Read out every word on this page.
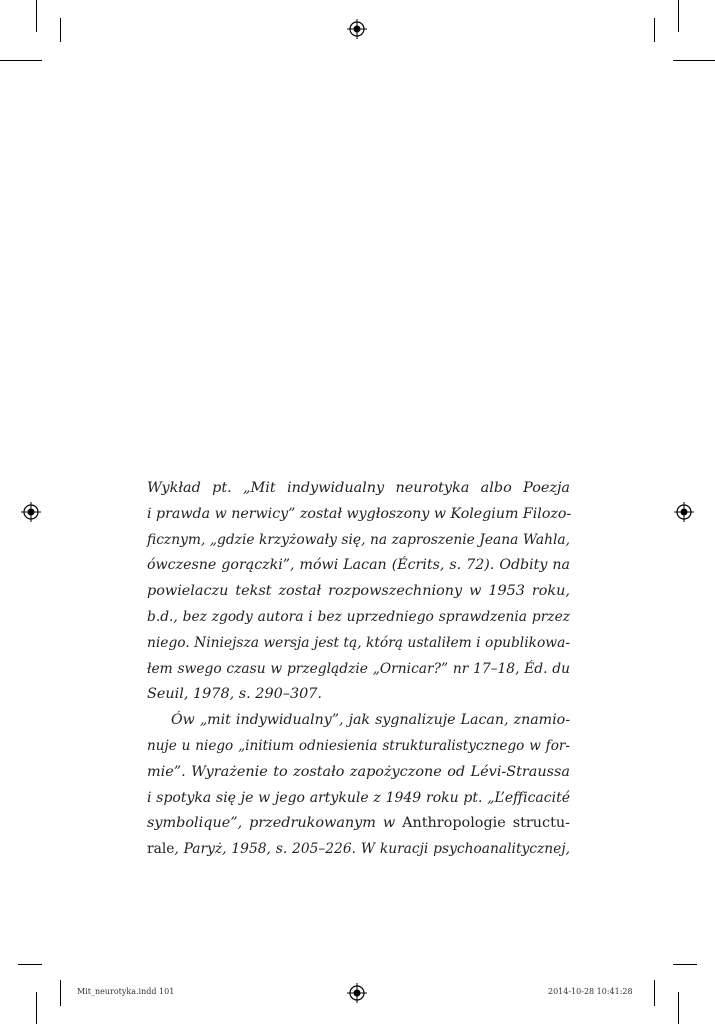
Wykład pt. „Mit indywidualny neurotyka albo Poezja
i prawda w nerwicy” został wygłoszony w Kolegium Filozo-
ficznym, „gdzie krzyżowały się, na zaproszenie Jeana Wahla,
ówczesne gorączki”, mówi Lacan (Écrits, s. 72). Odbity na
powielaczu tekst został rozpowszechniony w 1953 roku,
b.d., bez zgody autora i bez uprzedniego sprawdzenia przez
niego. Niniejsza wersja jest tą, którą ustaliłem i opublikowa-
łem swego czasu w przeglądzie „Ornicar?” nr 17–18, Éd. du
Seuil, 1978, s. 290–307.
Ów „mit indywidualny”, jak sygnalizuje Lacan, znamio-
nuje u niego „initium odniesienia strukturalistycznego w for-
mie”. Wyrażenie to zostało zapożyczone od Lévi-Straussa
i spotyka się je w jego artykule z 1949 roku pt. „L’efficacité
symbolique”, przedrukowanym w Anthropologie structu-
rale, Paryż, 1958, s. 205–226. W kuracji psychoanalitycznej,
Mit_neurotyka.indd 101	2014-10-28 10:41:28
